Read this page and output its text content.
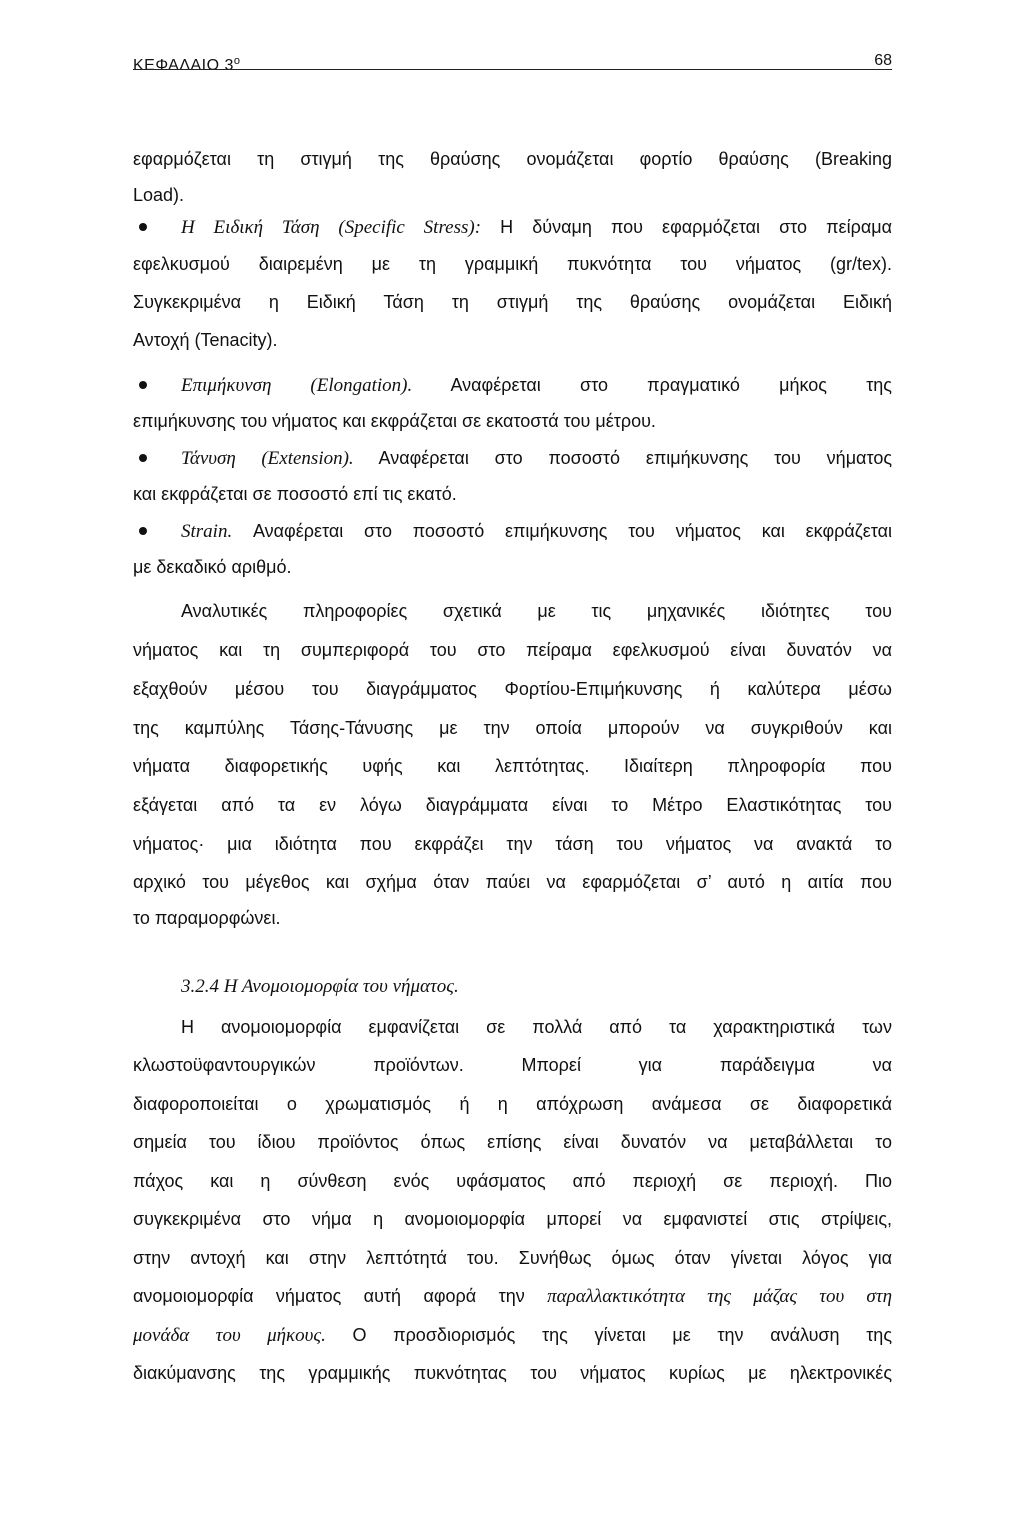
ΚΕΦΑΛΑΙΟ $3^o$	68
εφαρμόζεται τη στιγμή της θραύσης ονομάζεται φορτίο θραύσης (Breaking
Load).
Η Ειδική Τάση (Specific Stress): Η δύναμη που εφαρμόζεται στο πείραμα
εφελκυσμού διαιρεμένη με τη γραμμική πυκνότητα του νήματος (gr/tex).
Συγκεκριμένα η Ειδική Τάση τη στιγμή της θραύσης ονομάζεται Ειδική
Αντοχή (Tenacity).
Επιμήκυνση (Elongation). Αναφέρεται στο πραγματικό μήκος της
επιμήκυνσης του νήματος και εκφράζεται σε εκατοστά του μέτρου.
Τάνυση (Extension). Αναφέρεται στο ποσοστό επιμήκυνσης του νήματος
και εκφράζεται σε ποσοστό επί τις εκατό.
Strain. Αναφέρεται στο ποσοστό επιμήκυνσης του νήματος και εκφράζεται
με δεκαδικό αριθμό.
Αναλυτικές πληροφορίες σχετικά με τις μηχανικές ιδιότητες του
νήματος και τη συμπεριφορά του στο πείραμα εφελκυσμού είναι δυνατόν να
εξαχθούν μέσου του διαγράμματος Φορτίου-Επιμήκυνσης ή καλύτερα μέσω
της καμπύλης Τάσης-Τάνυσης με την οποία μπορούν να συγκριθούν και
νήματα διαφορετικής υφής και λεπτότητας. Ιδιαίτερη πληροφορία που
εξάγεται από τα εν λόγω διαγράμματα είναι το Μέτρο Ελαστικότητας του
νήματος· μια ιδιότητα που εκφράζει την τάση του νήματος να ανακτά το
αρχικό του μέγεθος και σχήμα όταν παύει να εφαρμόζεται σ’ αυτό η αιτία που
το παραμορφώνει.
3.2.4 Η Ανομοιομορφία του νήματος.
Η ανομοιομορφία εμφανίζεται σε πολλά από τα χαρακτηριστικά των
κλωστοϋφαντουργικών προϊόντων. Μπορεί για παράδειγμα να
διαφοροποιείται ο χρωματισμός ή η απόχρωση ανάμεσα σε διαφορετικά
σημεία του ίδιου προϊόντος όπως επίσης είναι δυνατόν να μεταβάλλεται το
πάχος και η σύνθεση ενός υφάσματος από περιοχή σε περιοχή. Πιο
συγκεκριμένα στο νήμα η ανομοιομορφία μπορεί να εμφανιστεί στις στρίψεις,
στην αντοχή και στην λεπτότητά του. Συνήθως όμως όταν γίνεται λόγος για
ανομοιομορφία νήματος αυτή αφορά την παραλλακτικότητα της μάζας του στη
μονάδα του μήκους. Ο προσδιορισμός της γίνεται με την ανάλυση της
διακύμανσης της γραμμικής πυκνότητας του νήματος κυρίως με ηλεκτρονικές
